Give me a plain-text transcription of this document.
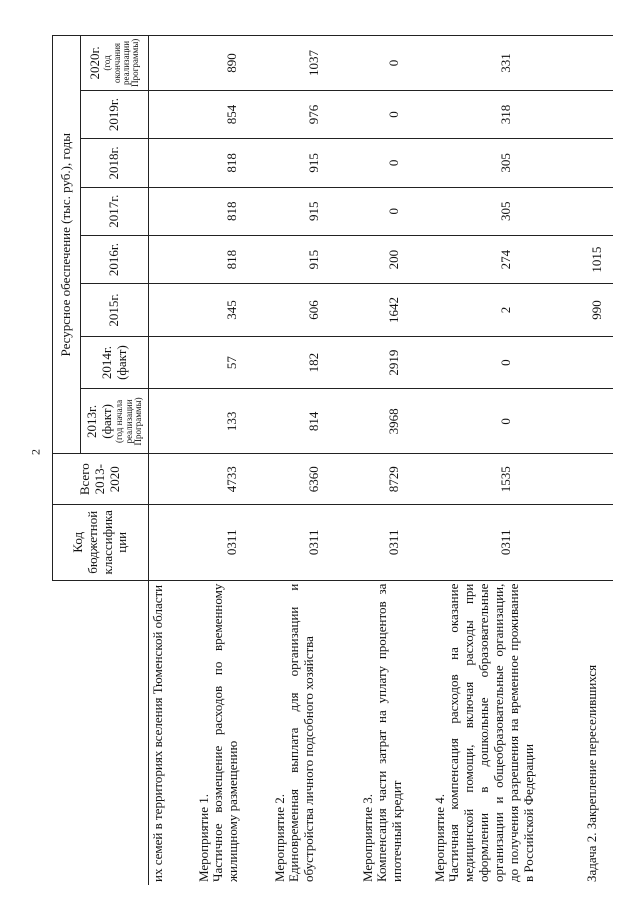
2
	Код бюджетной классифика ции	Всего 2013-2020	Ресурсное обеспечение (тыс. руб.), годы							
			2013г. (факт) (год начала реализации Программы)	2014г. (факт)	2015г.	2016г.	2017г.	2018г.	2019г.	2020г. (год окончания реализации Программы)

их семей в территориях вселения Тюменской области										

Мероприятие 1. Частичное возмещение расходов по временному жилищному размещению	0311	4733	133	57	345	818	818	818	854	890

Мероприятие 2. Единовременная выплата для организации и обустройства личного подсобного хозяйства	0311	6360	814	182	606	915	915	915	976	1037

Мероприятие 3. Компенсация части затрат на уплату процентов за ипотечный кредит	0311	8729	3968	2919	1642	200	0	0	0	0

Мероприятие 4. Частичная компенсация расходов на оказание медицинской помощи, включая расходы при оформлении в дошкольные образовательные организации и общеобразовательные организации, до получения разрешения на временное проживание в Российской Федерации	0311	1535	0	0	2	274	305	305	318	331

Задача 2. Закрепление переселившихся					990	1015				
